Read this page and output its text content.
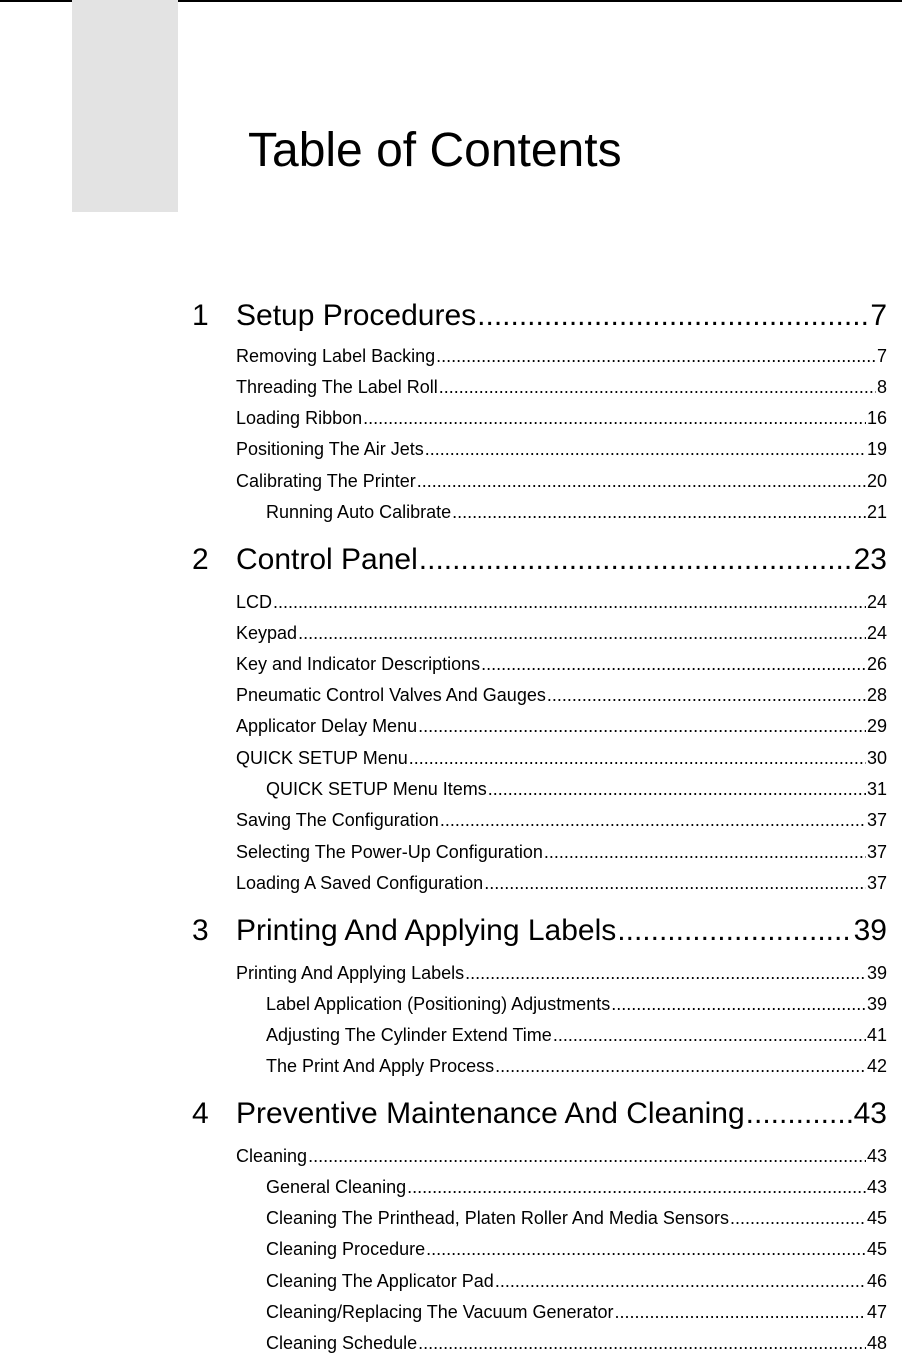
Table of Contents
1 Setup Procedures .....	7
Removing Label Backing .....	7
Threading The Label Roll .....	8
Loading Ribbon .....	16
Positioning The Air Jets .....	19
Calibrating The Printer .....	20
Running Auto Calibrate .....	21
2 Control Panel .....	23
LCD .....	24
Keypad .....	24
Key and Indicator Descriptions .....	26
Pneumatic Control Valves And Gauges .....	28
Applicator Delay Menu .....	29
QUICK SETUP Menu .....	30
QUICK SETUP Menu Items .....	31
Saving The Configuration .....	37
Selecting The Power-Up Configuration .....	37
Loading A Saved Configuration .....	37
3 Printing And Applying Labels .....	39
Printing And Applying Labels .....	39
Label Application (Positioning) Adjustments .....	39
Adjusting The Cylinder Extend Time .....	41
The Print And Apply Process .....	42
4 Preventive Maintenance And Cleaning .....	43
Cleaning .....	43
General Cleaning .....	43
Cleaning The Printhead, Platen Roller And Media Sensors .....	45
Cleaning Procedure .....	45
Cleaning The Applicator Pad .....	46
Cleaning/Replacing The Vacuum Generator .....	47
Cleaning Schedule .....	48
